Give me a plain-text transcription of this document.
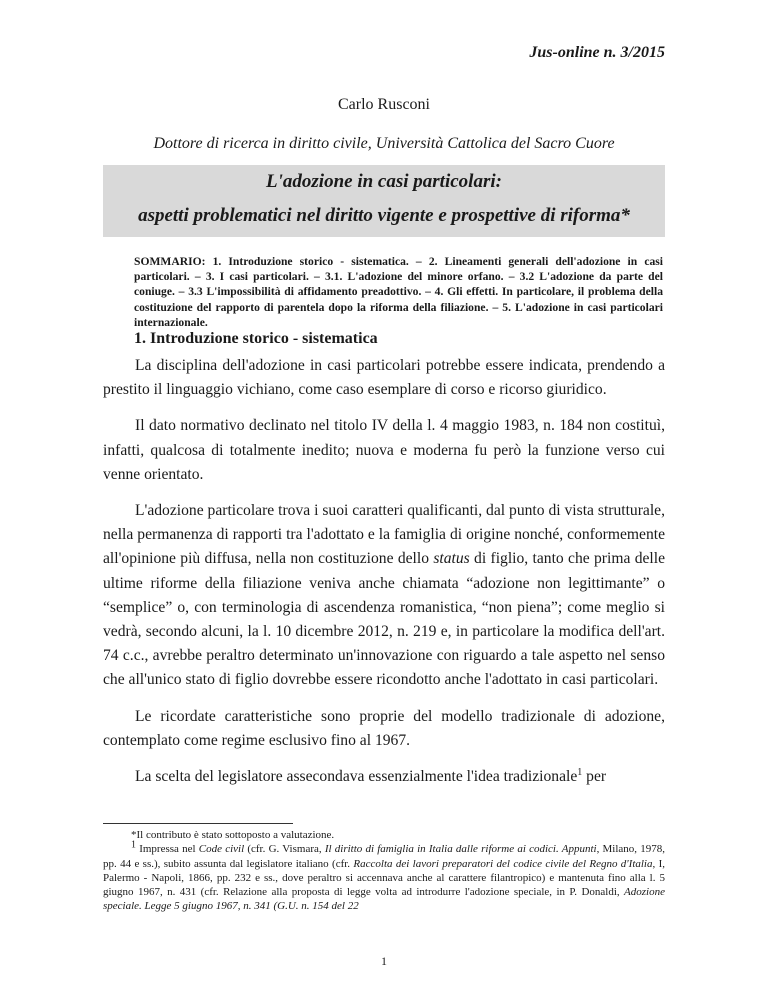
Jus-online n. 3/2015
Carlo Rusconi
Dottore di ricerca in diritto civile, Università Cattolica del Sacro Cuore
L'adozione in casi particolari:
aspetti problematici nel diritto vigente e prospettive di riforma*
SOMMARIO: 1. Introduzione storico - sistematica. – 2. Lineamenti generali dell'adozione in casi particolari. – 3. I casi particolari. – 3.1. L'adozione del minore orfano. – 3.2 L'adozione da parte del coniuge. – 3.3 L'impossibilità di affidamento preadottivo. – 4. Gli effetti. In particolare, il problema della costituzione del rapporto di parentela dopo la riforma della filiazione. – 5. L'adozione in casi particolari internazionale.
1. Introduzione storico - sistematica

La disciplina dell'adozione in casi particolari potrebbe essere indicata, prendendo a prestito il linguaggio vichiano, come caso esemplare di corso e ricorso giuridico.

Il dato normativo declinato nel titolo IV della l. 4 maggio 1983, n. 184 non costituì, infatti, qualcosa di totalmente inedito; nuova e moderna fu però la funzione verso cui venne orientato.

L'adozione particolare trova i suoi caratteri qualificanti, dal punto di vista strutturale, nella permanenza di rapporti tra l'adottato e la famiglia di origine nonché, conformemente all'opinione più diffusa, nella non costituzione dello status di figlio, tanto che prima delle ultime riforme della filiazione veniva anche chiamata “adozione non legittimante” o “semplice” o, con terminologia di ascendenza romanistica, “non piena”; come meglio si vedrà, secondo alcuni, la l. 10 dicembre 2012, n. 219 e, in particolare la modifica dell'art. 74 c.c., avrebbe peraltro determinato un'innovazione con riguardo a tale aspetto nel senso che all'unico stato di figlio dovrebbe essere ricondotto anche l'adottato in casi particolari.

Le ricordate caratteristiche sono proprie del modello tradizionale di adozione, contemplato come regime esclusivo fino al 1967.

La scelta del legislatore assecondava essenzialmente l'idea tradizionale$^1$ per

*Il contributo è stato sottoposto a valutazione.

1 Impressa nel Code civil (cfr. G. Vismara, Il diritto di famiglia in Italia dalle riforme ai codici. Appunti, Milano, 1978, pp. 44 e ss.), subito assunta dal legislatore italiano (cfr. Raccolta dei lavori preparatori del codice civile del Regno d'Italia, I, Palermo - Napoli, 1866, pp. 232 e ss., dove peraltro si accennava anche al carattere filantropico) e mantenuta fino alla l. 5 giugno 1967, n. 431 (cfr. Relazione alla proposta di legge volta ad introdurre l'adozione speciale, in P. Donaldi, Adozione speciale. Legge 5 giugno 1967, n. 341 (G.U. n. 154 del 22

1
